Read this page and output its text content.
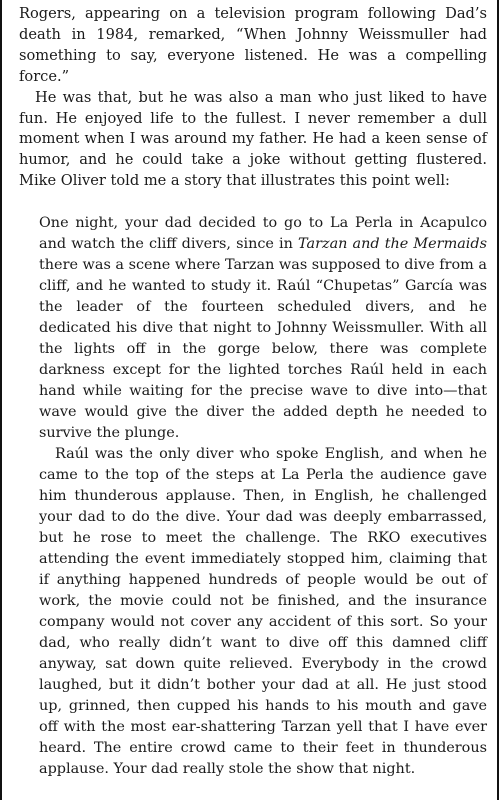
Rogers, appearing on a television program following Dad’s death in 1984, remarked, “When Johnny Weissmuller had something to say, everyone listened. He was a compelling force.”

He was that, but he was also a man who just liked to have fun. He enjoyed life to the fullest. I never remember a dull moment when I was around my father. He had a keen sense of humor, and he could take a joke without getting flustered. Mike Oliver told me a story that illustrates this point well:

One night, your dad decided to go to La Perla in Acapulco and watch the cliff divers, since in Tarzan and the Mermaids there was a scene where Tarzan was supposed to dive from a cliff, and he wanted to study it. Raúl “Chupetas” García was the leader of the fourteen scheduled divers, and he dedicated his dive that night to Johnny Weissmuller. With all the lights off in the gorge below, there was complete darkness except for the lighted torches Raúl held in each hand while waiting for the precise wave to dive into—that wave would give the diver the added depth he needed to survive the plunge.

Raúl was the only diver who spoke English, and when he came to the top of the steps at La Perla the audience gave him thunderous applause. Then, in English, he challenged your dad to do the dive. Your dad was deeply embarrassed, but he rose to meet the challenge. The RKO executives attending the event immediately stopped him, claiming that if anything happened hundreds of people would be out of work, the movie could not be finished, and the insurance company would not cover any accident of this sort. So your dad, who really didn’t want to dive off this damned cliff anyway, sat down quite relieved. Everybody in the crowd laughed, but it didn’t bother your dad at all. He just stood up, grinned, then cupped his hands to his mouth and gave off with the most ear-shattering Tarzan yell that I have ever heard. The entire crowd came to their feet in thunderous applause. Your dad really stole the show that night.
